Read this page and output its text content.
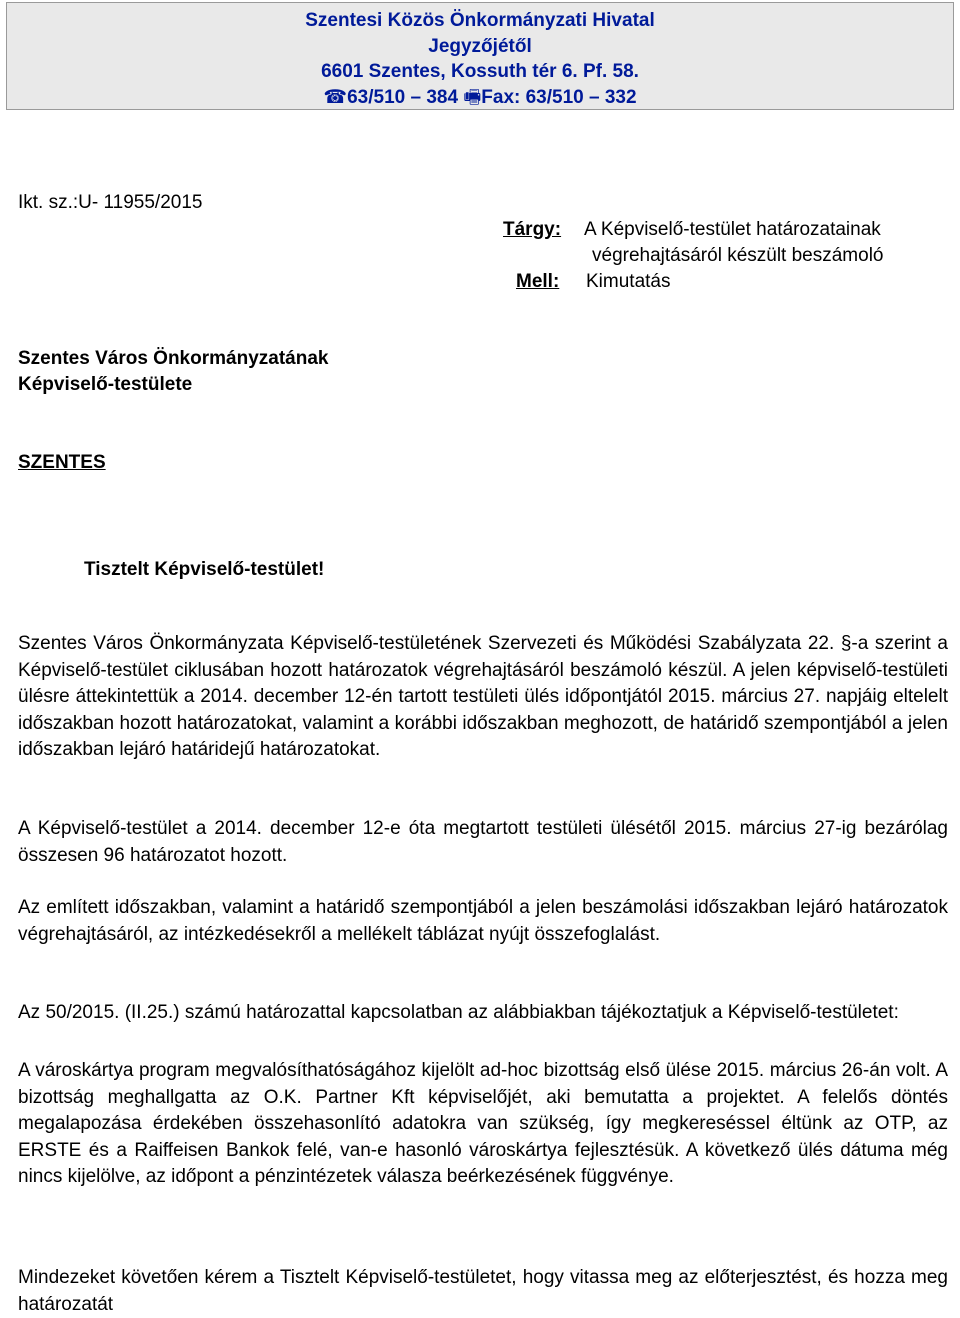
Szentesi Közös Önkormányzati Hivatal
Jegyzőjétől
6601 Szentes, Kossuth tér 6. Pf. 58.
☎63/510 – 384 🖷Fax: 63/510 – 332
Ikt. sz.:U- 11955/2015
Tárgy: A Képviselő-testület határozatainak
végrehajtásáról készült beszámoló
Mell: Kimutatás
Szentes Város Önkormányzatának
Képviselő-testülete
SZENTES
Tisztelt Képviselő-testület!

Szentes Város Önkormányzata Képviselő-testületének Szervezeti és Működési Szabályzata 22. §-a szerint a Képviselő-testület ciklusában hozott határozatok végrehajtásáról beszámoló készül. A jelen képviselő-testületi ülésre áttekintettük a 2014. december 12-én tartott testületi ülés időpontjától 2015. március 27. napjáig eltelelt időszakban hozott határozatokat, valamint a korábbi időszakban meghozott, de határidő szempontjából a jelen időszakban lejáró határidejű határozatokat.

A Képviselő-testület a 2014. december 12-e óta megtartott testületi ülésétől 2015. március 27-ig bezárólag összesen 96 határozatot hozott.

Az említett időszakban, valamint a határidő szempontjából a jelen beszámolási időszakban lejáró határozatok végrehajtásáról, az intézkedésekről a mellékelt táblázat nyújt összefoglalást.

Az 50/2015. (II.25.) számú határozattal kapcsolatban az alábbiakban tájékoztatjuk a Képviselő-testületet:

A városkártya program megvalósíthatóságához kijelölt ad-hoc bizottság első ülése 2015. március 26-án volt. A bizottság meghallgatta az O.K. Partner Kft képviselőjét, aki bemutatta a projektet. A felelős döntés megalapozása érdekében összehasonlító adatokra van szükség, így megkereséssel éltünk az OTP, az ERSTE és a Raiffeisen Bankok felé, van-e hasonló városkártya fejlesztésük. A következő ülés dátuma még nincs kijelölve, az időpont a pénzintézetek válasza beérkezésének függvénye.

Mindezeket követően kérem a Tisztelt Képviselő-testületet, hogy vitassa meg az előterjesztést, és hozza meg határozatát
